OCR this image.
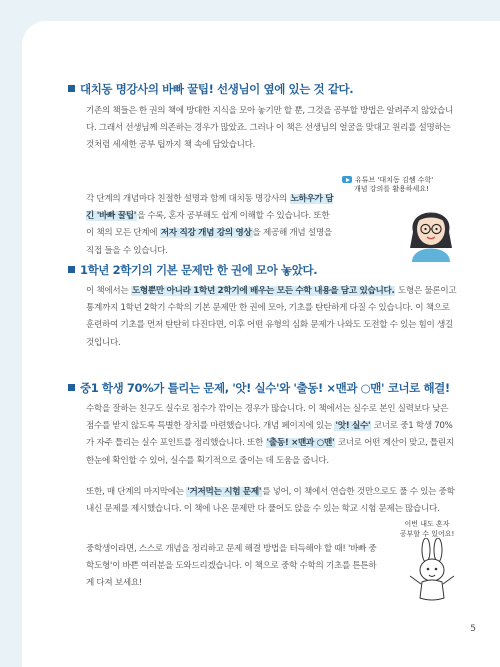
대치동 명강사의 바빠 꿀팁! 선생님이 옆에 있는 것 같다.
기존의 책들은 한 권의 책에 방대한 지식을 모아 놓기만 할 뿐, 그것을 공부할 방법은 알려주지 않았습니다. 그래서 선생님께 의존하는 경우가 많았죠. 그러나 이 책은 선생님의 얼굴을 맞대고 원리를 설명하는 것처럼 세세한 공부 팁까지 책 속에 담았습니다.
각 단계의 개념마다 친절한 설명과 함께 대치동 명강사의 노하우가 담긴 '바빠 꿀팁'을 수록, 혼자 공부해도 쉽게 이해할 수 있습니다. 또한 이 책의 모든 단계에 저자 직강 개념 강의 영상을 제공해 개념 설명을 직접 들을 수 있습니다.
유튜브 '대치동 김쌤 수학'
개념 강의를 활용하세요!
1학년 2학기의 기본 문제만 한 권에 모아 놓았다.
이 책에서는 도형뿐만 아니라 1학년 2학기에 배우는 모든 수학 내용을 담고 있습니다. 도형은 물론이고 통계까지 1학년 2학기 수학의 기본 문제만 한 권에 모아, 기초를 탄탄하게 다질 수 있습니다. 이 책으로 훈련하여 기초를 먼저 탄탄히 다진다면, 이후 어떤 유형의 심화 문제가 나와도 도전할 수 있는 힘이 생길 것입니다.
중1 학생 70%가 틀리는 문제, '앗! 실수'와 '출동! ×맨과 ○맨' 코너로 해결!
수학을 잘하는 친구도 실수로 점수가 깎이는 경우가 많습니다. 이 책에서는 실수로 본인 실력보다 낮은 점수를 받지 않도록 특별한 장치를 마련했습니다. 개념 페이지에 있는 '앗! 실수' 코너로 중1 학생 70%가 자주 틀리는 실수 포인트를 정리했습니다. 또한 '출동! ×맨과 ○맨' 코너로 어떤 계산이 맞고, 틀린지 한눈에 확인할 수 있어, 실수를 획기적으로 줄이는 데 도움을 줍니다.
또한, 매 단계의 마지막에는 '거저먹는 시험 문제'를 넣어, 이 책에서 연습한 것만으로도 풀 수 있는 중학 내신 문제를 제시했습니다. 이 책에 나온 문제만 다 풀어도 앉을 수 있는 학교 시험 문제는 많습니다.
중학생이라면, 스스로 개념을 정리하고 문제 해결 방법을 터득해야 할 때! '바빠 중학도형'이 바쁜 여러분을 도와드리겠습니다. 이 책으로 중학 수학의 기초를 튼튼하게 다져 보세요!
이번 내도 혼자
공부할 수 있어요!
5
